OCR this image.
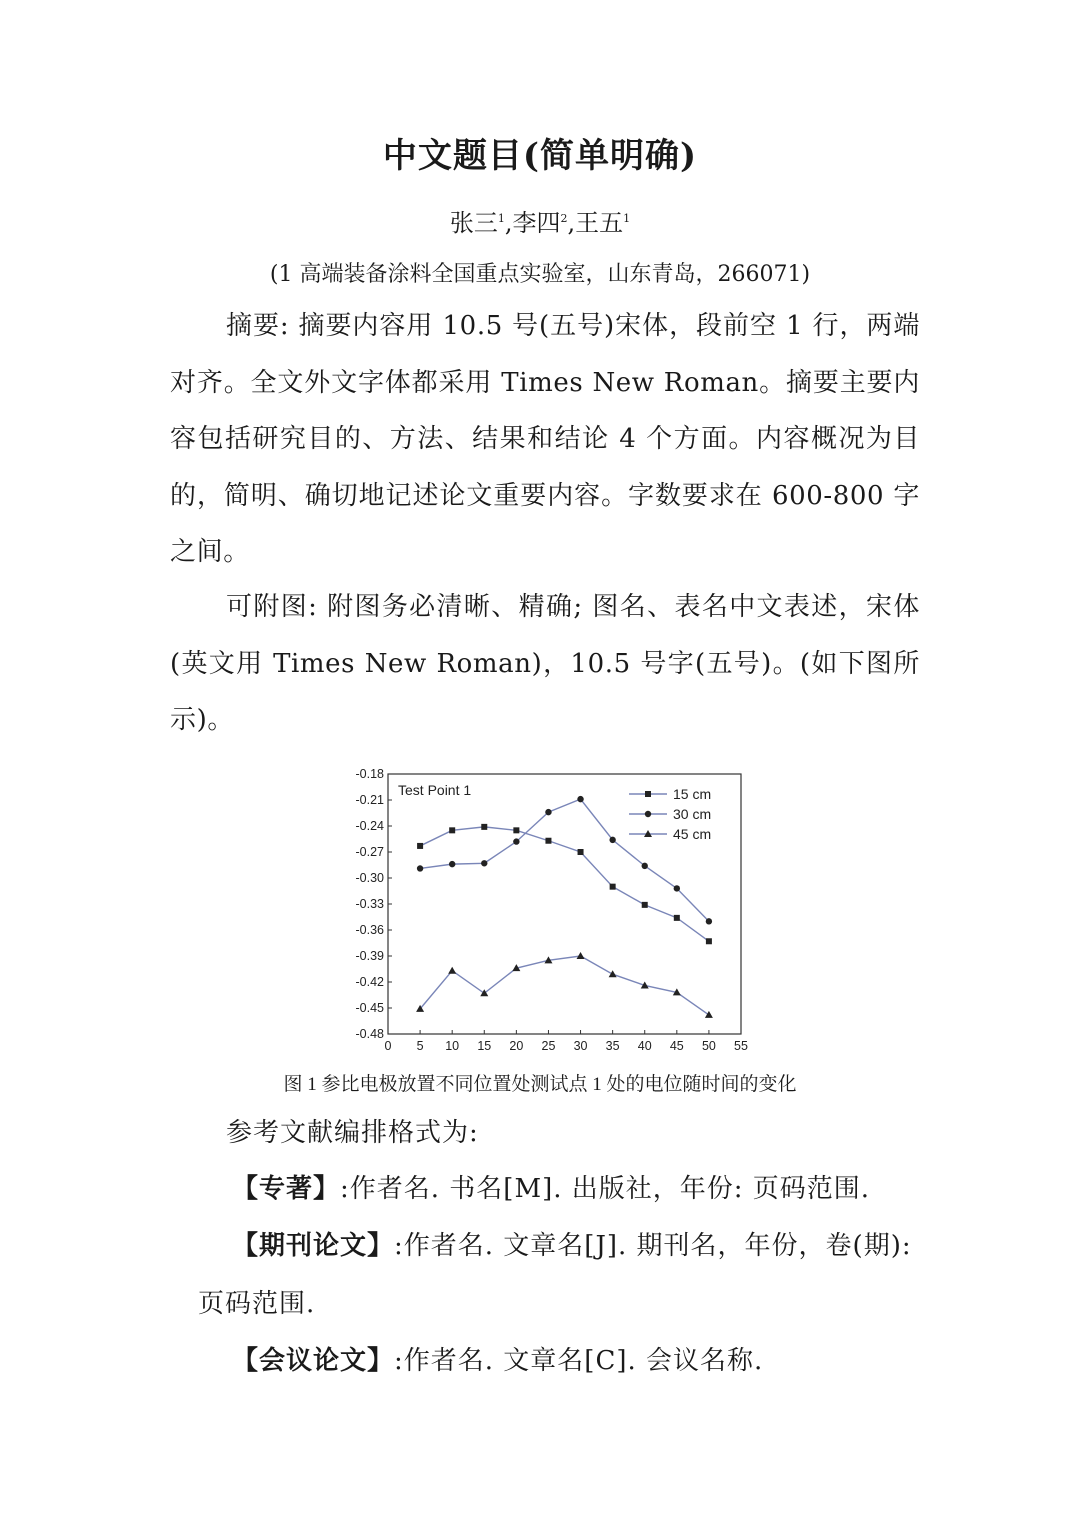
中文题目(简单明确)
张三$^1$,李四$^2$,王五$^1$

(1 高端装备涂料全国重点实验室，山东青岛，266071)

摘要: 摘要内容用 10.5 号(五号)宋体，段前空 1 行，两端对齐。全文外文字体都采用 Times New Roman。摘要主要内容包括研究目的、方法、结果和结论 4 个方面。内容概况为目的，简明、确切地记述论文重要内容。字数要求在 600-800 字之间。

可附图: 附图务必清晰、精确; 图名、表名中文表述，宋体(英文用 Times New Roman)，10.5 号字(五号)。(如下图所示)。

-0.18
-0.21
-0.24
-0.27
-0.30
-0.33
-0.36
-0.39
-0.42
-0.45
-0.48
0 5 10 15 20 25 30 35 40 45 50 55
Test Point 1	15 cm
30 cm
45 cm

图 1 参比电极放置不同位置处测试点 1 处的电位随时间的变化

参考文献编排格式为:

【专著】:作者名. 书名[M]. 出版社，年份: 页码范围.

【期刊论文】:作者名. 文章名[J]. 期刊名，年份，卷(期):

页码范围.

【会议论文】:作者名. 文章名[C]. 会议名称.
